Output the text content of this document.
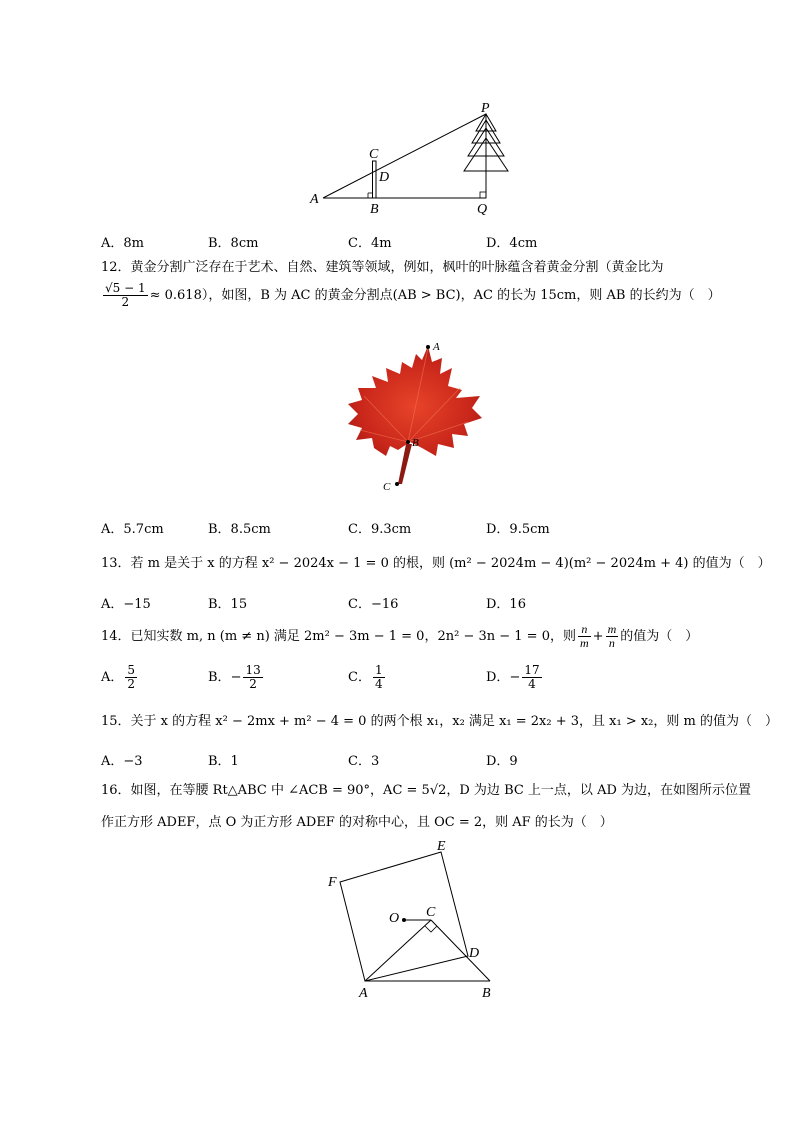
P
C
D
A
B	Q
A．8m	B．8cm	C．4m	D．4cm
12．黄金分割广泛存在于艺术、自然、建筑等领域，例如，枫叶的叶脉蕴含着黄金分割（黄金比为
$\frac{√5 - 1}{2} \approx 0.618$），如图，B 为 AC 的黄金分割点(AB > BC)，AC 的长为 15cm，则 AB 的长约为（　）
A
B
C
A．5.7cm	B．8.5cm	C．9.3cm	D．9.5cm
13．若 m 是关于 x 的方程 x² − 2024x − 1 = 0 的根，则 (m² − 2024m − 4)(m² − 2024m + 4) 的值为（　）
A．−15	B．15	C．−16	D．16
14．已知实数 m, n (m ≠ n) 满足 2m² − 3m − 1 = 0，2n² − 3n − 1 = 0，则 $\frac{n}{m} + \frac{m}{n}$ 的值为（　）
A． $\frac{5}{2}$	B．− $\frac{13}{2}$	C． $\frac{1}{4}$	D．− $\frac{17}{4}$
15．关于 x 的方程 x² − 2mx + m² − 4 = 0 的两个根 x₁，x₂ 满足 x₁ = 2x₂ + 3，且 x₁ > x₂，则 m 的值为（　）
A．−3	B．1	C．3	D．9
16．如图，在等腰 Rt△ABC 中 ∠ACB = 90°，AC = 5√2，D 为边 BC 上一点，以 AD 为边，在如图所示位置
作正方形 ADEF，点 O 为正方形 ADEF 的对称中心，且 OC = 2，则 AF 的长为（　）
E
F
O C
D
A	B
